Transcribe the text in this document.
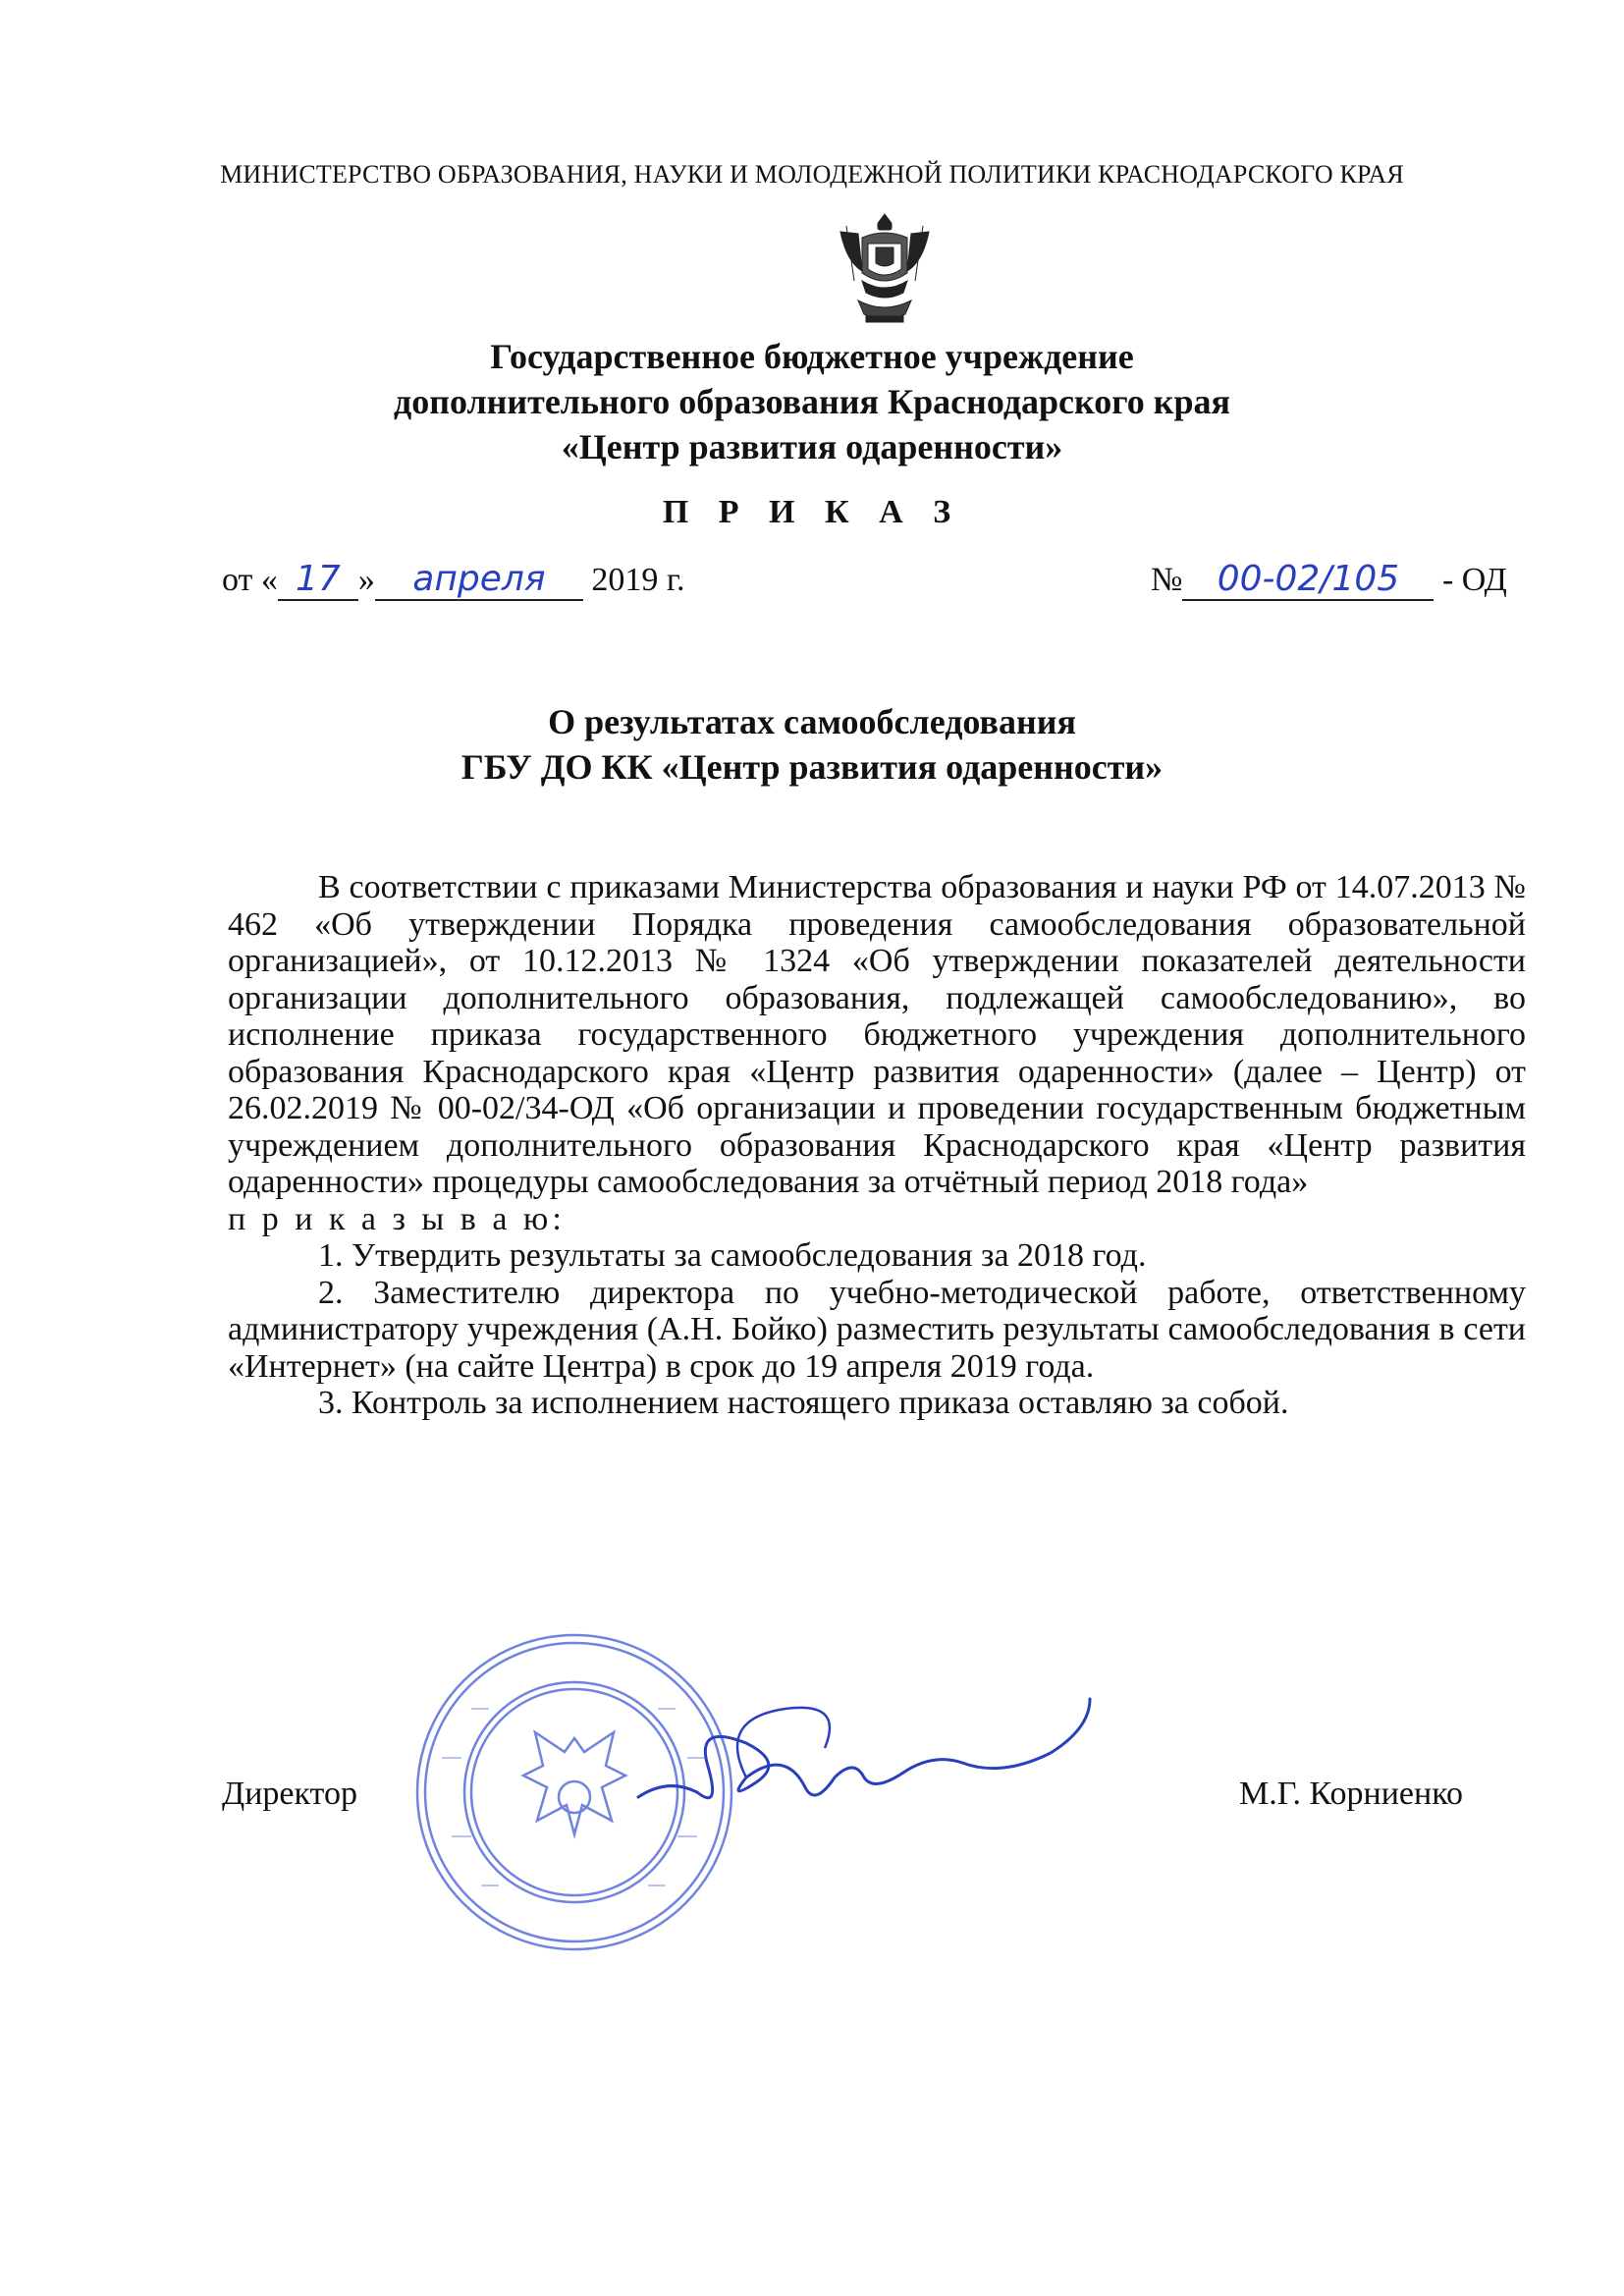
МИНИСТЕРСТВО ОБРАЗОВАНИЯ, НАУКИ И МОЛОДЕЖНОЙ ПОЛИТИКИ КРАСНОДАРСКОГО КРАЯ
Государственное бюджетное учреждение
дополнительного образования Краснодарского края
«Центр развития одаренности»
П Р И К А З
от « 17 » апреля 2019 г.	№ 00-02/105 - ОД
О результатах самообследования
ГБУ ДО КК «Центр развития одаренности»

В соответствии с приказами Министерства образования и науки РФ от 14.07.2013 № 462 «Об утверждении Порядка проведения самообследования образовательной организацией», от 10.12.2013 № 1324 «Об утверждении показателей деятельности организации дополнительного образования, подлежащей самообследованию», во исполнение приказа государственного бюджетного учреждения дополнительного образования Краснодарского края «Центр развития одаренности» (далее – Центр) от 26.02.2019 № 00-02/34-ОД «Об организации и проведении государственным бюджетным учреждением дополнительного образования Краснодарского края «Центр развития одаренности» процедуры самообследования за отчётный период 2018 года»

п р и к а з ы в а ю:

1. Утвердить результаты за самообследования за 2018 год.

2. Заместителю директора по учебно-методической работе, ответственному администратору учреждения (А.Н. Бойко) разместить результаты самообследования в сети «Интернет» (на сайте Центра) в срок до 19 апреля 2019 года.

3. Контроль за исполнением настоящего приказа оставляю за собой.

Директор	М.Г. Корниенко
